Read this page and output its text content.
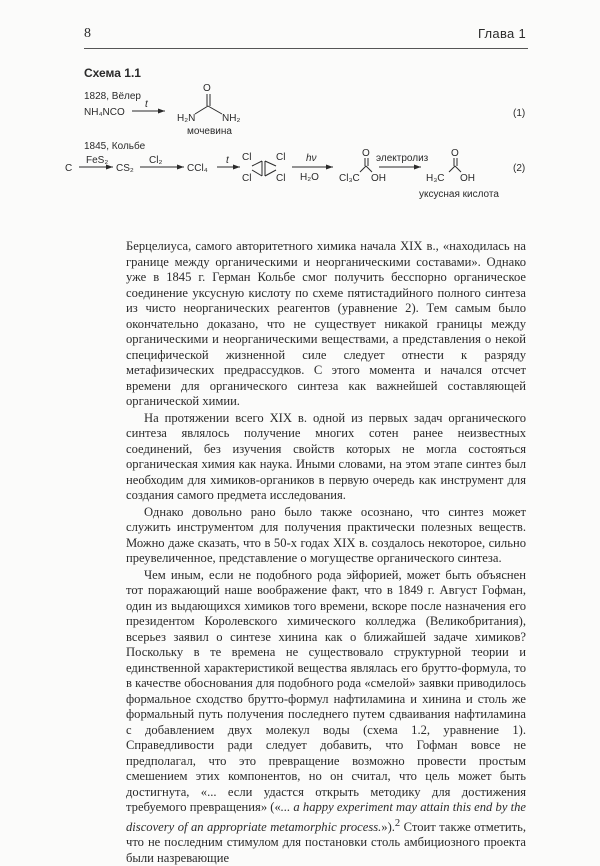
8	Глава 1
Схема 1.1
1828, Вёлер
NH₄NCO
t
O
H₂N	NH₂
мочевина
(1)
1845, Кольбе
C
FeS₂
CS₂
Cl₂
CCl₄
t Cl
Cl
Cl
Cl
hν
H₂O Cl₃C
O
OH
электролиз
H₃C
O
OH
уксусная кислота
(2)

Берцелиуса, самого авторитетного химика начала XIX в., «находилась на границе между органическими и неорганическими составами». Однако уже в 1845 г. Герман Кольбе смог получить бесспорно органическое соединение уксусную кислоту по схеме пятистадийного полного синтеза из чисто неорганических реагентов (уравнение 2). Тем самым было окончательно доказано, что не существует никакой границы между органическими и неорганическими веществами, а представления о некой специфической жизненной силе следует отнести к разряду метафизических предрассудков. С этого момента и начался отсчет времени для органического синтеза как важнейшей составляющей органической химии.

На протяжении всего XIX в. одной из первых задач органического синтеза являлось получение многих сотен ранее неизвестных соединений, без изучения свойств которых не могла состояться органическая химия как наука. Иными словами, на этом этапе синтез был необходим для химиков-органиков в первую очередь как инструмент для создания самого предмета исследования.

Однако довольно рано было также осознано, что синтез может служить инструментом для получения практически полезных веществ. Можно даже сказать, что в 50-х годах XIX в. создалось некоторое, сильно преувеличенное, представление о могуществе органического синтеза.

Чем иным, если не подобного рода эйфорией, может быть объяснен тот поражающий наше воображение факт, что в 1849 г. Август Гофман, один из выдающихся химиков того времени, вскоре после назначения его президентом Королевского химического колледжа (Великобритания), всерьез заявил о синтезе хинина как о ближайшей задаче химиков? Поскольку в те времена не существовало структурной теории и единственной характеристикой вещества являлась его брутто-формула, то в качестве обоснования для подобного рода «смелой» заявки приводилось формальное сходство брутто-формул нафтиламина и хинина и столь же формальный путь получения последнего путем сдваивания нафтиламина с добавлением двух молекул воды (схема 1.2, уравнение 1). Справедливости ради следует добавить, что Гофман вовсе не предполагал, что это превращение возможно провести простым смешением этих компонентов, но он считал, что цель может быть достигнута, «... если удастся открыть методику для достижения требуемого превращения» («... a happy experiment may attain this end by the discovery of an appropriate metamorphic process.»).$^2$ Стоит также отметить, что не последним стимулом для постановки столь амбициозного проекта были назревающие
